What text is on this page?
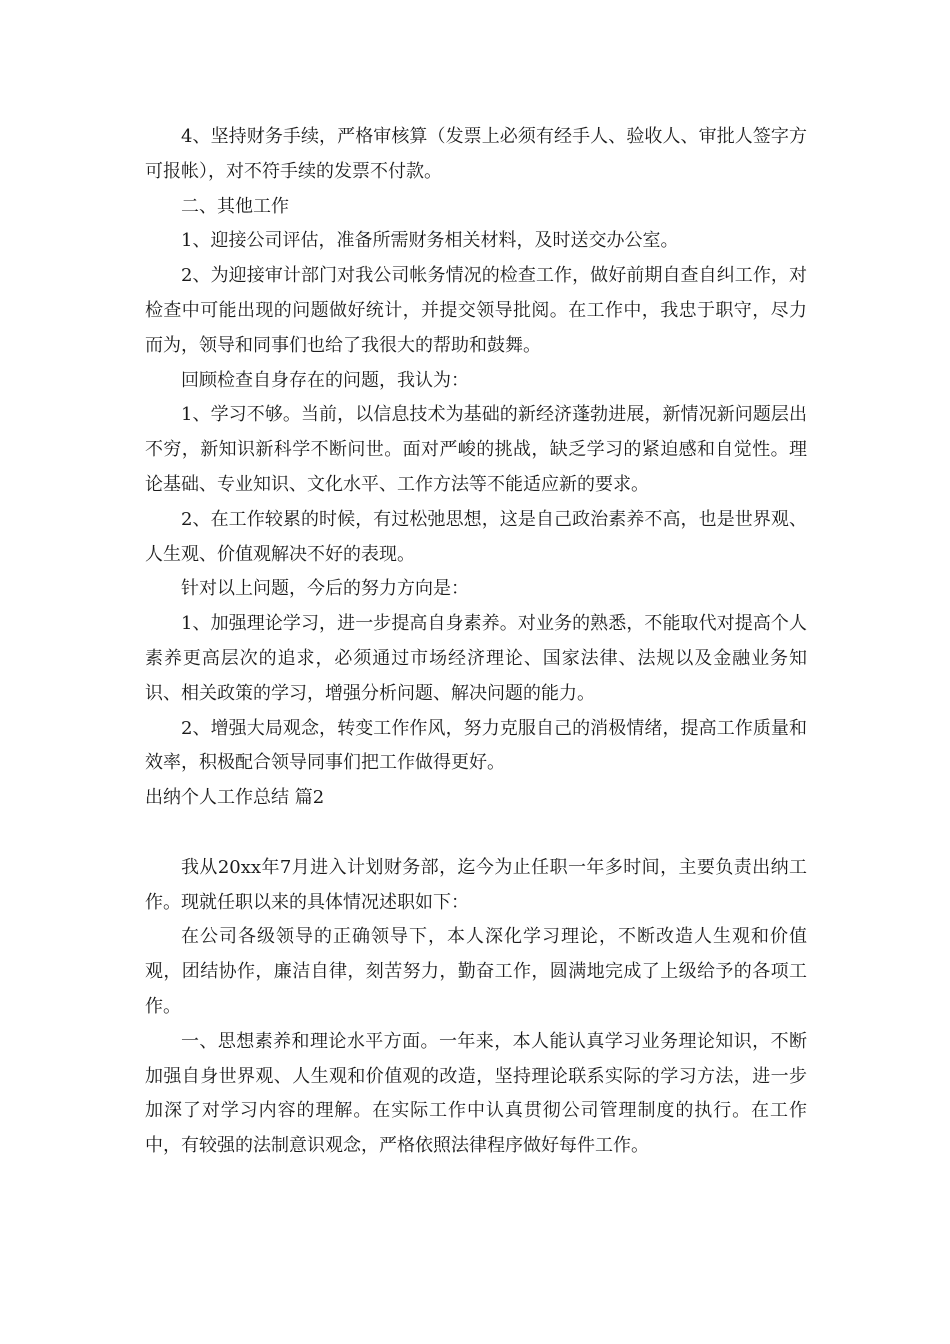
4、坚持财务手续，严格审核算（发票上必须有经手人、验收人、审批人签字方可报帐），对不符手续的发票不付款。

二、其他工作

1、迎接公司评估，准备所需财务相关材料，及时送交办公室。

2、为迎接审计部门对我公司帐务情况的检查工作，做好前期自查自纠工作，对检查中可能出现的问题做好统计，并提交领导批阅。在工作中，我忠于职守，尽力而为，领导和同事们也给了我很大的帮助和鼓舞。

回顾检查自身存在的问题，我认为：

1、学习不够。当前，以信息技术为基础的新经济蓬勃进展，新情况新问题层出不穷，新知识新科学不断问世。面对严峻的挑战，缺乏学习的紧迫感和自觉性。理论基础、专业知识、文化水平、工作方法等不能适应新的要求。

2、在工作较累的时候，有过松弛思想，这是自己政治素养不高，也是世界观、人生观、价值观解决不好的表现。

针对以上问题，今后的努力方向是：

1、加强理论学习，进一步提高自身素养。对业务的熟悉，不能取代对提高个人素养更高层次的追求，必须通过市场经济理论、国家法律、法规以及金融业务知识、相关政策的学习，增强分析问题、解决问题的能力。

2、增强大局观念，转变工作作风，努力克服自己的消极情绪，提高工作质量和效率，积极配合领导同事们把工作做得更好。

出纳个人工作总结 篇2

我从20xx年7月进入计划财务部，迄今为止任职一年多时间，主要负责出纳工作。现就任职以来的具体情况述职如下：

在公司各级领导的正确领导下，本人深化学习理论，不断改造人生观和价值观，团结协作，廉洁自律，刻苦努力，勤奋工作，圆满地完成了上级给予的各项工作。

一、思想素养和理论水平方面。一年来，本人能认真学习业务理论知识，不断加强自身世界观、人生观和价值观的改造，坚持理论联系实际的学习方法，进一步加深了对学习内容的理解。在实际工作中认真贯彻公司管理制度的执行。在工作中，有较强的法制意识观念，严格依照法律程序做好每件工作。
